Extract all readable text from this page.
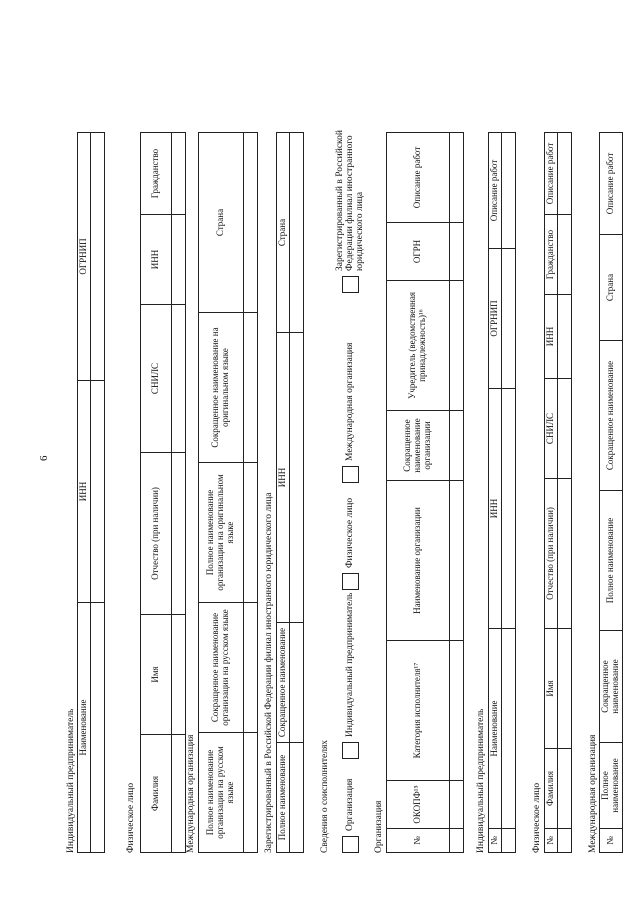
6
Индивидуальный предприниматель Наименование	ИНН	ОГРНИП

Физическое лицо Фамилия	Имя	Отчество (при наличии)	СНИЛС	ИНН	Гражданство

Международная организация Полное наименование организации на русском языке	Сокращенное наименование организации на русском языке	Полное наименование организации на оригинальном языке	Сокращенное наименование на оригинальном языке	Страна

Зарегистрированный в Российской Федерации филиал иностранного юридического лица Полное наименование	Сокращенное наименование	ИНН	Страна

Сведения о соисполнителях Организация
Индивидуальный предприниматель
Физическое лицо
Международная организация
Зарегистрированный в Российской Федерации филиал иностранного юридического лица
Организация	№	ОКОПФ¹⁵	Категория исполнителя¹⁷	Наименование организации	Сокращенное наименование организации	Учредитель (ведомственная принадлежность)¹⁶	ОГРН	Описание работ

Индивидуальный предприниматель №	Наименование	ИНН	ОГРНИП	Описание работ

Физическое лицо №	Фамилия	Имя	Отчество (при наличии)	СНИЛС	ИНН	Гражданство	Описание работ

Международная организация №	Полное наименование	Сокращенное наименование	Полное наименование	Сокращенное наименование	Страна	Описание работ
